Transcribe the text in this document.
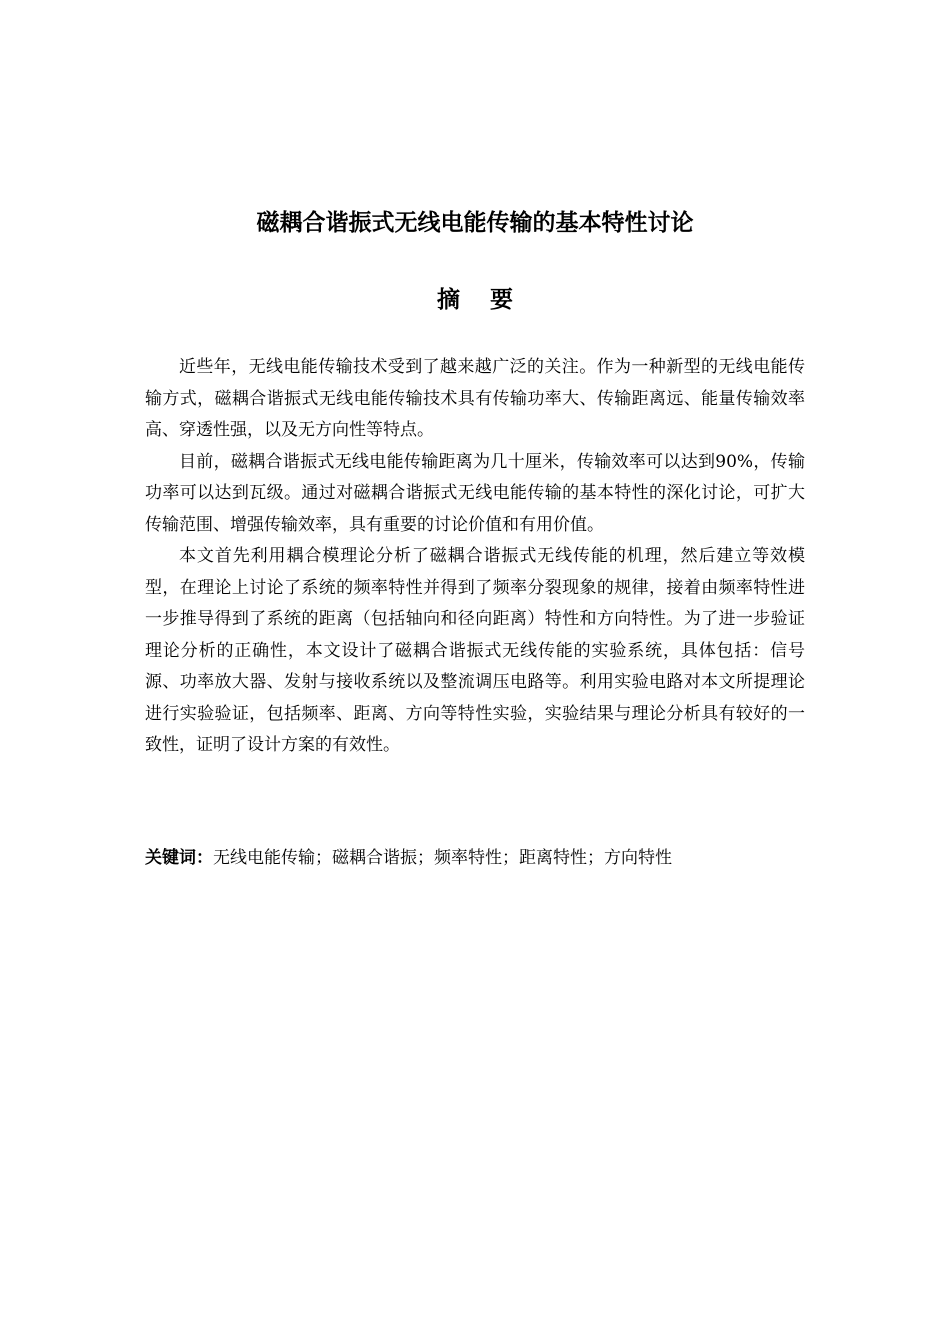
磁耦合谐振式无线电能传输的基本特性讨论
摘要

近些年，无线电能传输技术受到了越来越广泛的关注。作为一种新型的无线电能传输方式，磁耦合谐振式无线电能传输技术具有传输功率大、传输距离远、能量传输效率高、穿透性强，以及无方向性等特点。

目前，磁耦合谐振式无线电能传输距离为几十厘米，传输效率可以达到90%，传输功率可以达到瓦级。通过对磁耦合谐振式无线电能传输的基本特性的深化讨论，可扩大传输范围、增强传输效率，具有重要的讨论价值和有用价值。

本文首先利用耦合模理论分析了磁耦合谐振式无线传能的机理，然后建立等效模型，在理论上讨论了系统的频率特性并得到了频率分裂现象的规律，接着由频率特性进一步推导得到了系统的距离（包括轴向和径向距离）特性和方向特性。为了进一步验证理论分析的正确性，本文设计了磁耦合谐振式无线传能的实验系统，具体包括：信号源、功率放大器、发射与接收系统以及整流调压电路等。利用实验电路对本文所提理论进行实验验证，包括频率、距离、方向等特性实验，实验结果与理论分析具有较好的一致性，证明了设计方案的有效性。

关键词：无线电能传输；磁耦合谐振；频率特性；距离特性；方向特性
